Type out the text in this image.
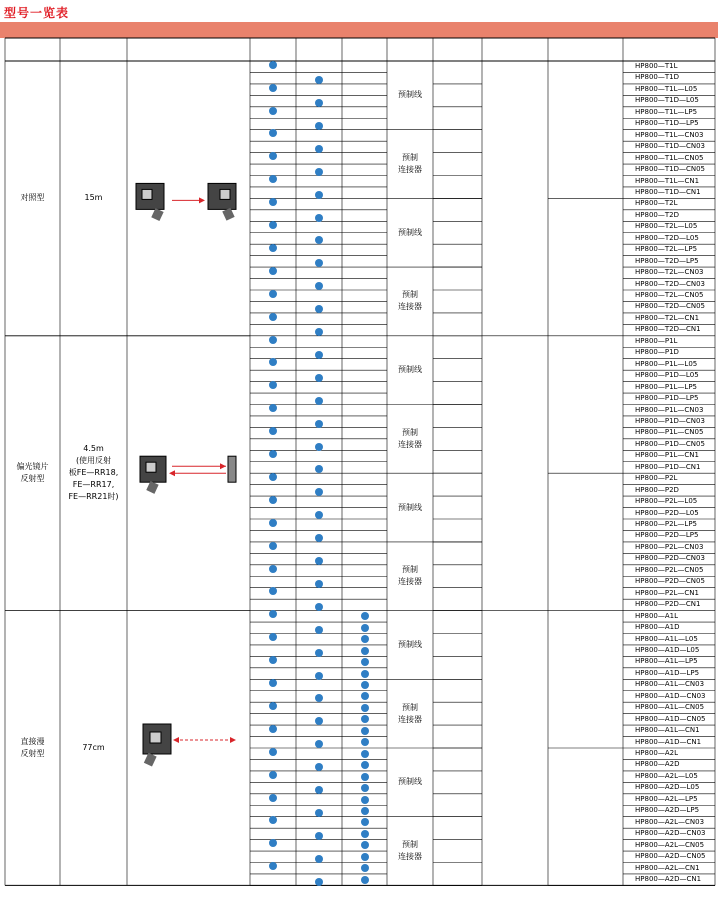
型号一览表
对照型	15m
预制线
预制
连接器
预制线
预制
连接器
HP800—T1L
HP800—T1D
HP800—T1L—L05
HP800—T1D—L05
HP800—T1L—LP5
HP800—T1D—LP5
HP800—T1L—CN03
HP800—T1D—CN03
HP800—T1L—CN05
HP800—T1D—CN05
HP800—T1L—CN1
HP800—T1D—CN1
HP800—T2L
HP800—T2D
HP800—T2L—L05
HP800—T2D—L05
HP800—T2L—LP5
HP800—T2D—LP5
HP800—T2L—CN03
HP800—T2D—CN03
HP800—T2L—CN05
HP800—T2D—CN05
HP800—T2L—CN1
HP800—T2D—CN1
偏光镜片
反射型
4.5m
(使用反射
板FE—RR18,
FE—RR17,
FE—RR21时)
预制线
预制
连接器
预制线
预制
连接器
HP800—P1L
HP800—P1D
HP800—P1L—L05
HP800—P1D—L05
HP800—P1L—LP5
HP800—P1D—LP5
HP800—P1L—CN03
HP800—P1D—CN03
HP800—P1L—CN05
HP800—P1D—CN05
HP800—P1L—CN1
HP800—P1D—CN1
HP800—P2L
HP800—P2D
HP800—P2L—L05
HP800—P2D—L05
HP800—P2L—LP5
HP800—P2D—LP5
HP800—P2L—CN03
HP800—P2D—CN03
HP800—P2L—CN05
HP800—P2D—CN05
HP800—P2L—CN1
HP800—P2D—CN1
直接漫
反射型
77cm
预制线
预制
连接器
预制线
预制
连接器
HP800—A1L
HP800—A1D
HP800—A1L—L05
HP800—A1D—L05
HP800—A1L—LP5
HP800—A1D—LP5
HP800—A1L—CN03
HP800—A1D—CN03
HP800—A1L—CN05
HP800—A1D—CN05
HP800—A1L—CN1
HP800—A1D—CN1
HP800—A2L
HP800—A2D
HP800—A2L—L05
HP800—A2D—L05
HP800—A2L—LP5
HP800—A2D—LP5
HP800—A2L—CN03
HP800—A2D—CN03
HP800—A2L—CN05
HP800—A2D—CN05
HP800—A2L—CN1
HP800—A2D—CN1
